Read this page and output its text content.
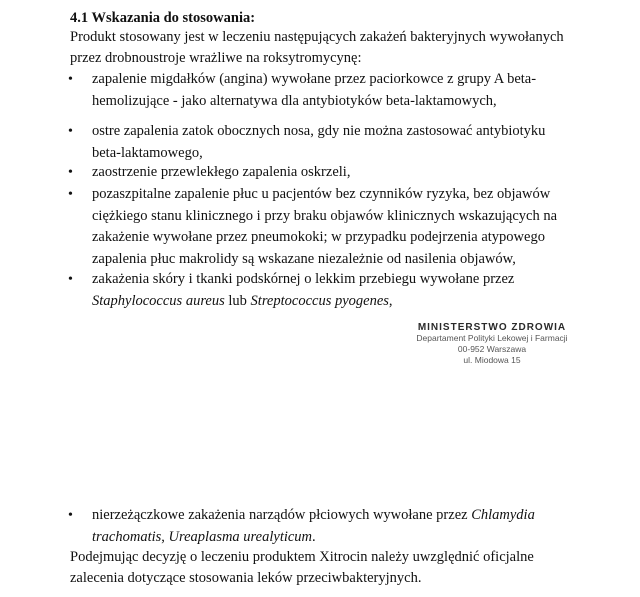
4.1 Wskazania do stosowania:
Produkt stosowany jest w leczeniu następujących zakażeń bakteryjnych wywołanych przez drobnoustroje wrażliwe na roksytromycynę:
• zapalenie migdałków (angina) wywołane przez paciorkowce z grupy A beta-hemolizujące - jako alternatywa dla antybiotyków beta-laktamowych,
• ostre zapalenia zatok obocznych nosa, gdy nie można zastosować antybiotyku beta-laktamowego,
• zaostrzenie przewlekłego zapalenia oskrzeli,
• pozaszpitalne zapalenie płuc u pacjentów bez czynników ryzyka, bez objawów ciężkiego stanu klinicznego i przy braku objawów klinicznych wskazujących na zakażenie wywołane przez pneumokoki; w przypadku podejrzenia atypowego zapalenia płuc makrolidy są wskazane niezależnie od nasilenia objawów,
• zakażenia skóry i tkanki podskórnej o lekkim przebiegu wywołane przez Staphylococcus aureus lub Streptococcus pyogenes,
MINISTERSTWO ZDROWIA
Departament Polityki Lekowej i Farmacji
00-952 Warszawa
ul. Miodowa 15
• nierzeżączkowe zakażenia narządów płciowych wywołane przez Chlamydia trachomatis, Ureaplasma urealyticum.
Podejmując decyzję o leczeniu produktem Xitrocin należy uwzględnić oficjalne zalecenia dotyczące stosowania leków przeciwbakteryjnych.
